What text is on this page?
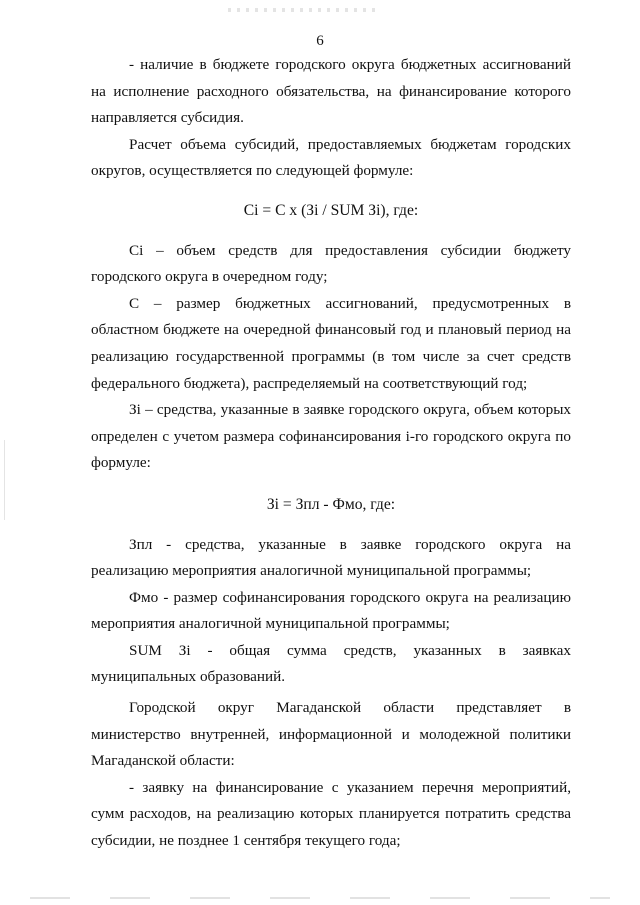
6

- наличие в бюджете городского округа бюджетных ассигнований на исполнение расходного обязательства, на финансирование которого направляется субсидия.

Расчет объема субсидий, предоставляемых бюджетам городских округов, осуществляется по следующей формуле:

Ci = C x (Зi / SUM Зi), где:

Ci – объем средств для предоставления субсидии бюджету городского округа в очередном году;

C – размер бюджетных ассигнований, предусмотренных в областном бюджете на очередной финансовый год и плановый период на реализацию государственной программы (в том числе за счет средств федерального бюджета), распределяемый на соответствующий год;

Зi – средства, указанные в заявке городского округа, объем которых определен с учетом размера софинансирования i-го городского округа по формуле:

Зi = Зпл - Фмо, где:

Зпл - средства, указанные в заявке городского округа на реализацию мероприятия аналогичной муниципальной программы;

Фмо - размер софинансирования городского округа на реализацию мероприятия аналогичной муниципальной программы;

SUM Зi - общая сумма средств, указанных в заявках муниципальных образований.

Городской округ Магаданской области представляет в министерство внутренней, информационной и молодежной политики Магаданской области:

- заявку на финансирование с указанием перечня мероприятий, сумм расходов, на реализацию которых планируется потратить средства субсидии, не позднее 1 сентября текущего года;
